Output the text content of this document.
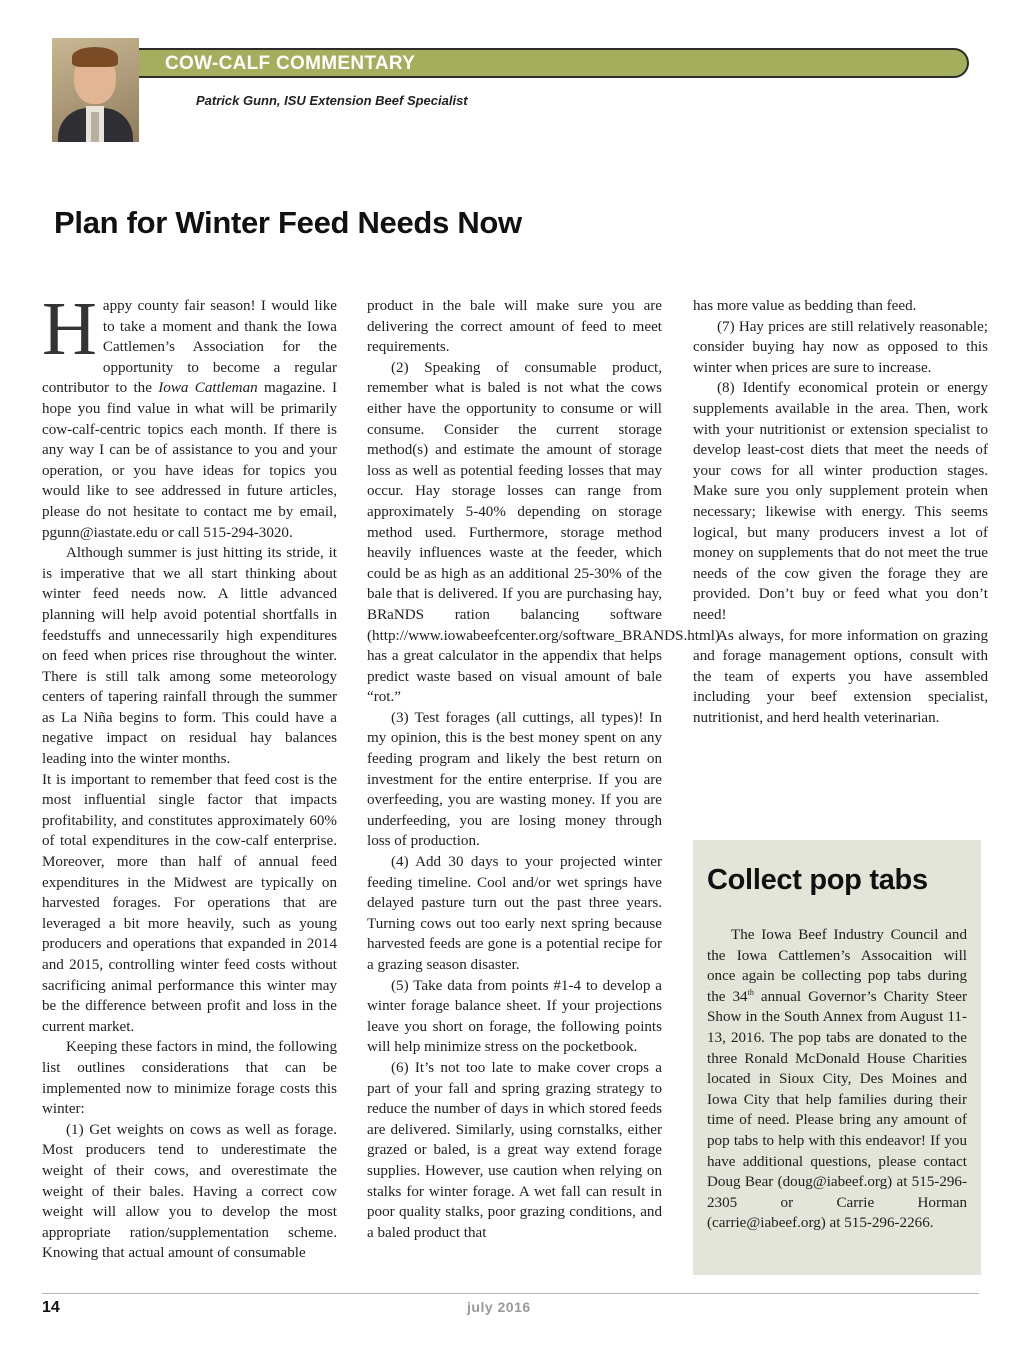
COW-CALF COMMENTARY
Patrick Gunn, ISU Extension Beef Specialist
Plan for Winter Feed Needs Now

Happy county fair season! I would like to take a moment and thank the Iowa Cattlemen’s Association for the opportunity to become a regular contributor to the Iowa Cattleman magazine. I hope you find value in what will be primarily cow-calf-centric topics each month. If there is any way I can be of assistance to you and your operation, or you have ideas for topics you would like to see addressed in future articles, please do not hesitate to contact me by email, pgunn@iastate.edu or call 515-294-3020.

Although summer is just hitting its stride, it is imperative that we all start thinking about winter feed needs now. A little advanced planning will help avoid potential shortfalls in feedstuffs and unnecessarily high expenditures on feed when prices rise throughout the winter. There is still talk among some meteorology centers of tapering rainfall through the summer as La Niña begins to form. This could have a negative impact on residual hay balances leading into the winter months.

It is important to remember that feed cost is the most influential single factor that impacts profitability, and constitutes approximately 60% of total expenditures in the cow-calf enterprise. Moreover, more than half of annual feed expenditures in the Midwest are typically on harvested forages. For operations that are leveraged a bit more heavily, such as young producers and operations that expanded in 2014 and 2015, controlling winter feed costs without sacrificing animal performance this winter may be the difference between profit and loss in the current market.

Keeping these factors in mind, the following list outlines considerations that can be implemented now to minimize forage costs this winter:

(1) Get weights on cows as well as forage. Most producers tend to underestimate the weight of their cows, and overestimate the weight of their bales. Having a correct cow weight will allow you to develop the most appropriate ration/supplementation scheme. Knowing that actual amount of consumable

product in the bale will make sure you are delivering the correct amount of feed to meet requirements.

(2) Speaking of consumable product, remember what is baled is not what the cows either have the opportunity to consume or will consume. Consider the current storage method(s) and estimate the amount of storage loss as well as potential feeding losses that may occur. Hay storage losses can range from approximately 5-40% depending on storage method used. Furthermore, storage method heavily influences waste at the feeder, which could be as high as an additional 25-30% of the bale that is delivered. If you are purchasing hay, BRaNDS ration balancing software (http://www.iowabeefcenter.org/software_BRANDS.html) has a great calculator in the appendix that helps predict waste based on visual amount of bale “rot.”

(3) Test forages (all cuttings, all types)! In my opinion, this is the best money spent on any feeding program and likely the best return on investment for the entire enterprise. If you are overfeeding, you are wasting money. If you are underfeeding, you are losing money through loss of production.

(4) Add 30 days to your projected winter feeding timeline. Cool and/or wet springs have delayed pasture turn out the past three years. Turning cows out too early next spring because harvested feeds are gone is a potential recipe for a grazing season disaster.

(5) Take data from points #1-4 to develop a winter forage balance sheet. If your projections leave you short on forage, the following points will help minimize stress on the pocketbook.

(6) It’s not too late to make cover crops a part of your fall and spring grazing strategy to reduce the number of days in which stored feeds are delivered. Similarly, using cornstalks, either grazed or baled, is a great way extend forage supplies. However, use caution when relying on stalks for winter forage. A wet fall can result in poor quality stalks, poor grazing conditions, and a baled product that

has more value as bedding than feed.

(7) Hay prices are still relatively reasonable; consider buying hay now as opposed to this winter when prices are sure to increase.

(8) Identify economical protein or energy supplements available in the area. Then, work with your nutritionist or extension specialist to develop least-cost diets that meet the needs of your cows for all winter production stages. Make sure you only supplement protein when necessary; likewise with energy. This seems logical, but many producers invest a lot of money on supplements that do not meet the true needs of the cow given the forage they are provided. Don’t buy or feed what you don’t need!

As always, for more information on grazing and forage management options, consult with the team of experts you have assembled including your beef extension specialist, nutritionist, and herd health veterinarian.

Collect pop tabs

The Iowa Beef Industry Council and the Iowa Cattlemen’s Assocaition will once again be collecting pop tabs during the 34th annual Governor’s Charity Steer Show in the South Annex from August 11-13, 2016. The pop tabs are donated to the three Ronald McDonald House Charities located in Sioux City, Des Moines and Iowa City that help families during their time of need. Please bring any amount of pop tabs to help with this endeavor! If you have additional questions, please contact Doug Bear (doug@iabeef.org) at 515-296-2305 or Carrie Horman (carrie@iabeef.org) at 515-296-2266.

14	july 2016
